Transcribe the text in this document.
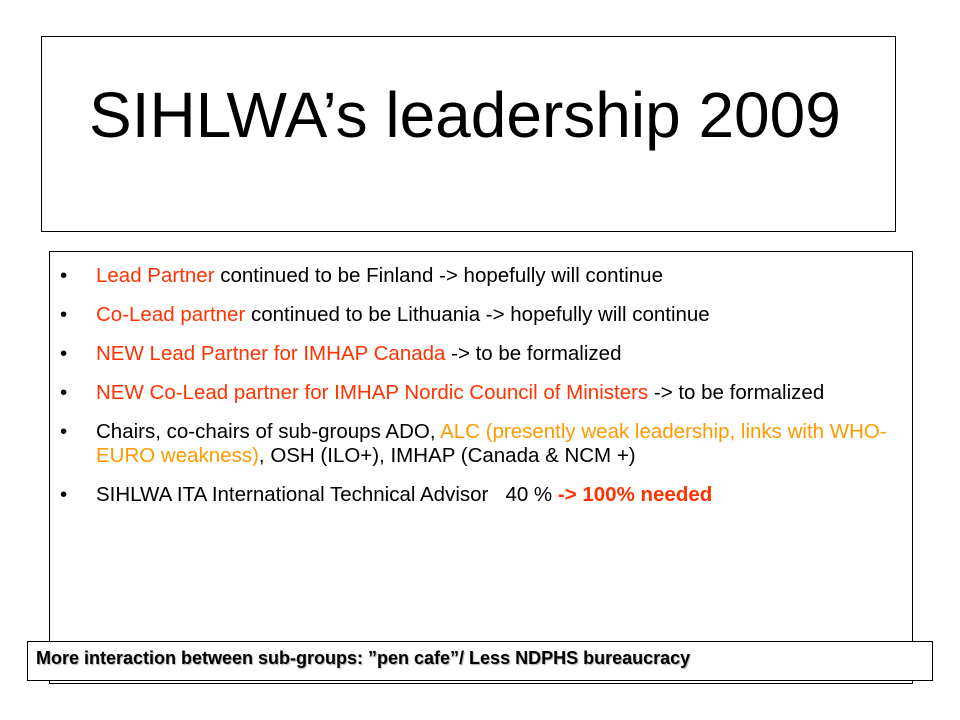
SIHLWA’s leadership 2009
•	Lead Partner continued to be Finland -> hopefully will continue
•	Co-Lead partner continued to be Lithuania -> hopefully will continue
•	NEW Lead Partner for IMHAP Canada -> to be formalized
•	NEW Co-Lead partner for IMHAP Nordic Council of Ministers -> to be formalized
•	Chairs, co-chairs of sub-groups ADO, ALC (presently weak leadership, links with WHO-EURO weakness), OSH (ILO+), IMHAP (Canada & NCM +)
•	SIHLWA ITA International Technical Advisor   40 % -> 100% needed
More interaction between sub-groups: ”pen cafe”/ Less NDPHS bureaucracy
